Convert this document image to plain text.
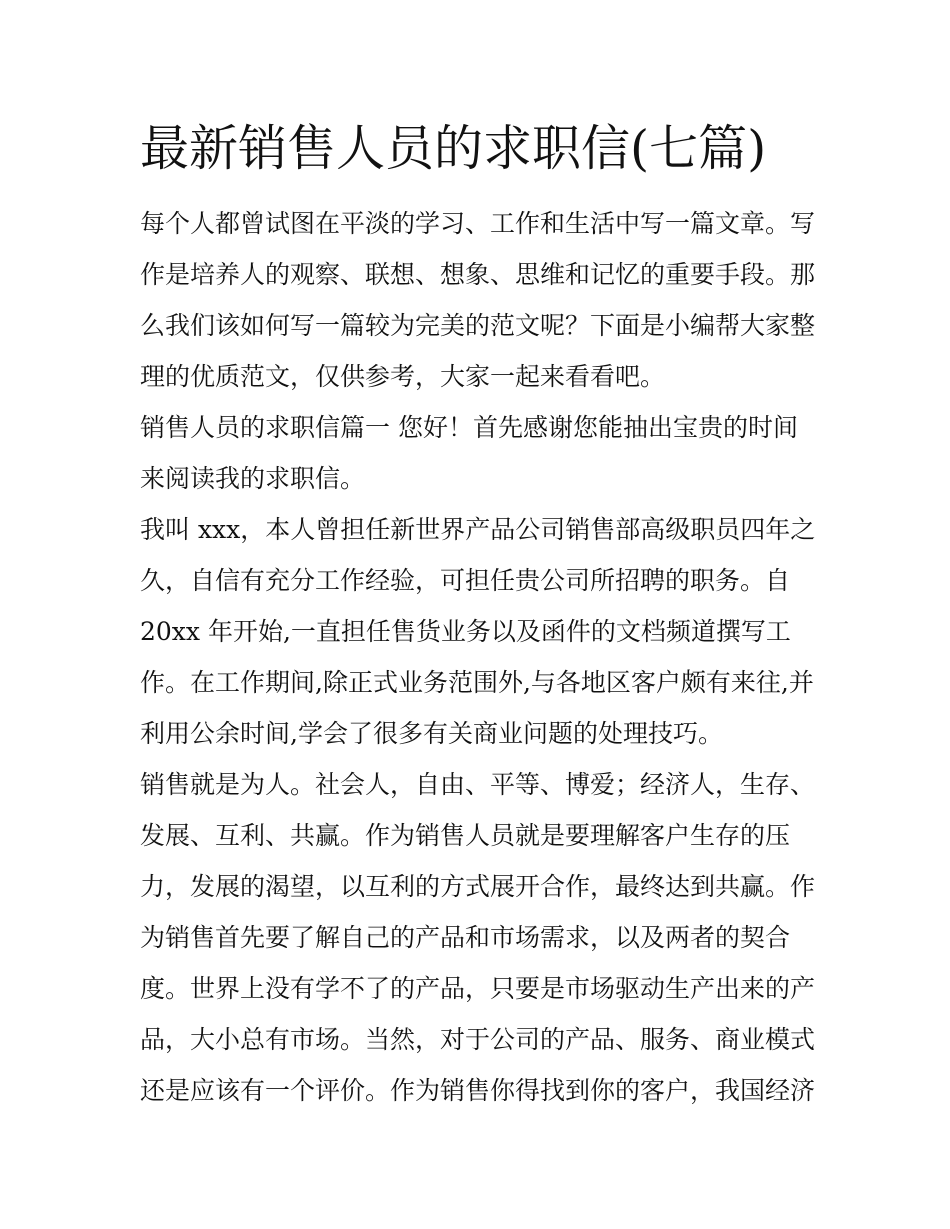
最新销售人员的求职信(七篇)
每个人都曾试图在平淡的学习、工作和生活中写一篇文章。写
作是培养人的观察、联想、想象、思维和记忆的重要手段。那
么我们该如何写一篇较为完美的范文呢？下面是小编帮大家整
理的优质范文，仅供参考，大家一起来看看吧。
销售人员的求职信篇一 您好！首先感谢您能抽出宝贵的时间
来阅读我的求职信。
我叫 xxx，本人曾担任新世界产品公司销售部高级职员四年之
久，自信有充分工作经验，可担任贵公司所招聘的职务。自
20xx 年开始,一直担任售货业务以及函件的文档频道撰写工
作。在工作期间,除正式业务范围外,与各地区客户颇有来往,并
利用公余时间,学会了很多有关商业问题的处理技巧。
销售就是为人。社会人，自由、平等、博爱；经济人，生存、
发展、互利、共赢。作为销售人员就是要理解客户生存的压
力，发展的渴望，以互利的方式展开合作，最终达到共赢。作
为销售首先要了解自己的产品和市场需求，以及两者的契合
度。世界上没有学不了的产品，只要是市场驱动生产出来的产
品，大小总有市场。当然，对于公司的产品、服务、商业模式
还是应该有一个评价。作为销售你得找到你的客户，我国经济
